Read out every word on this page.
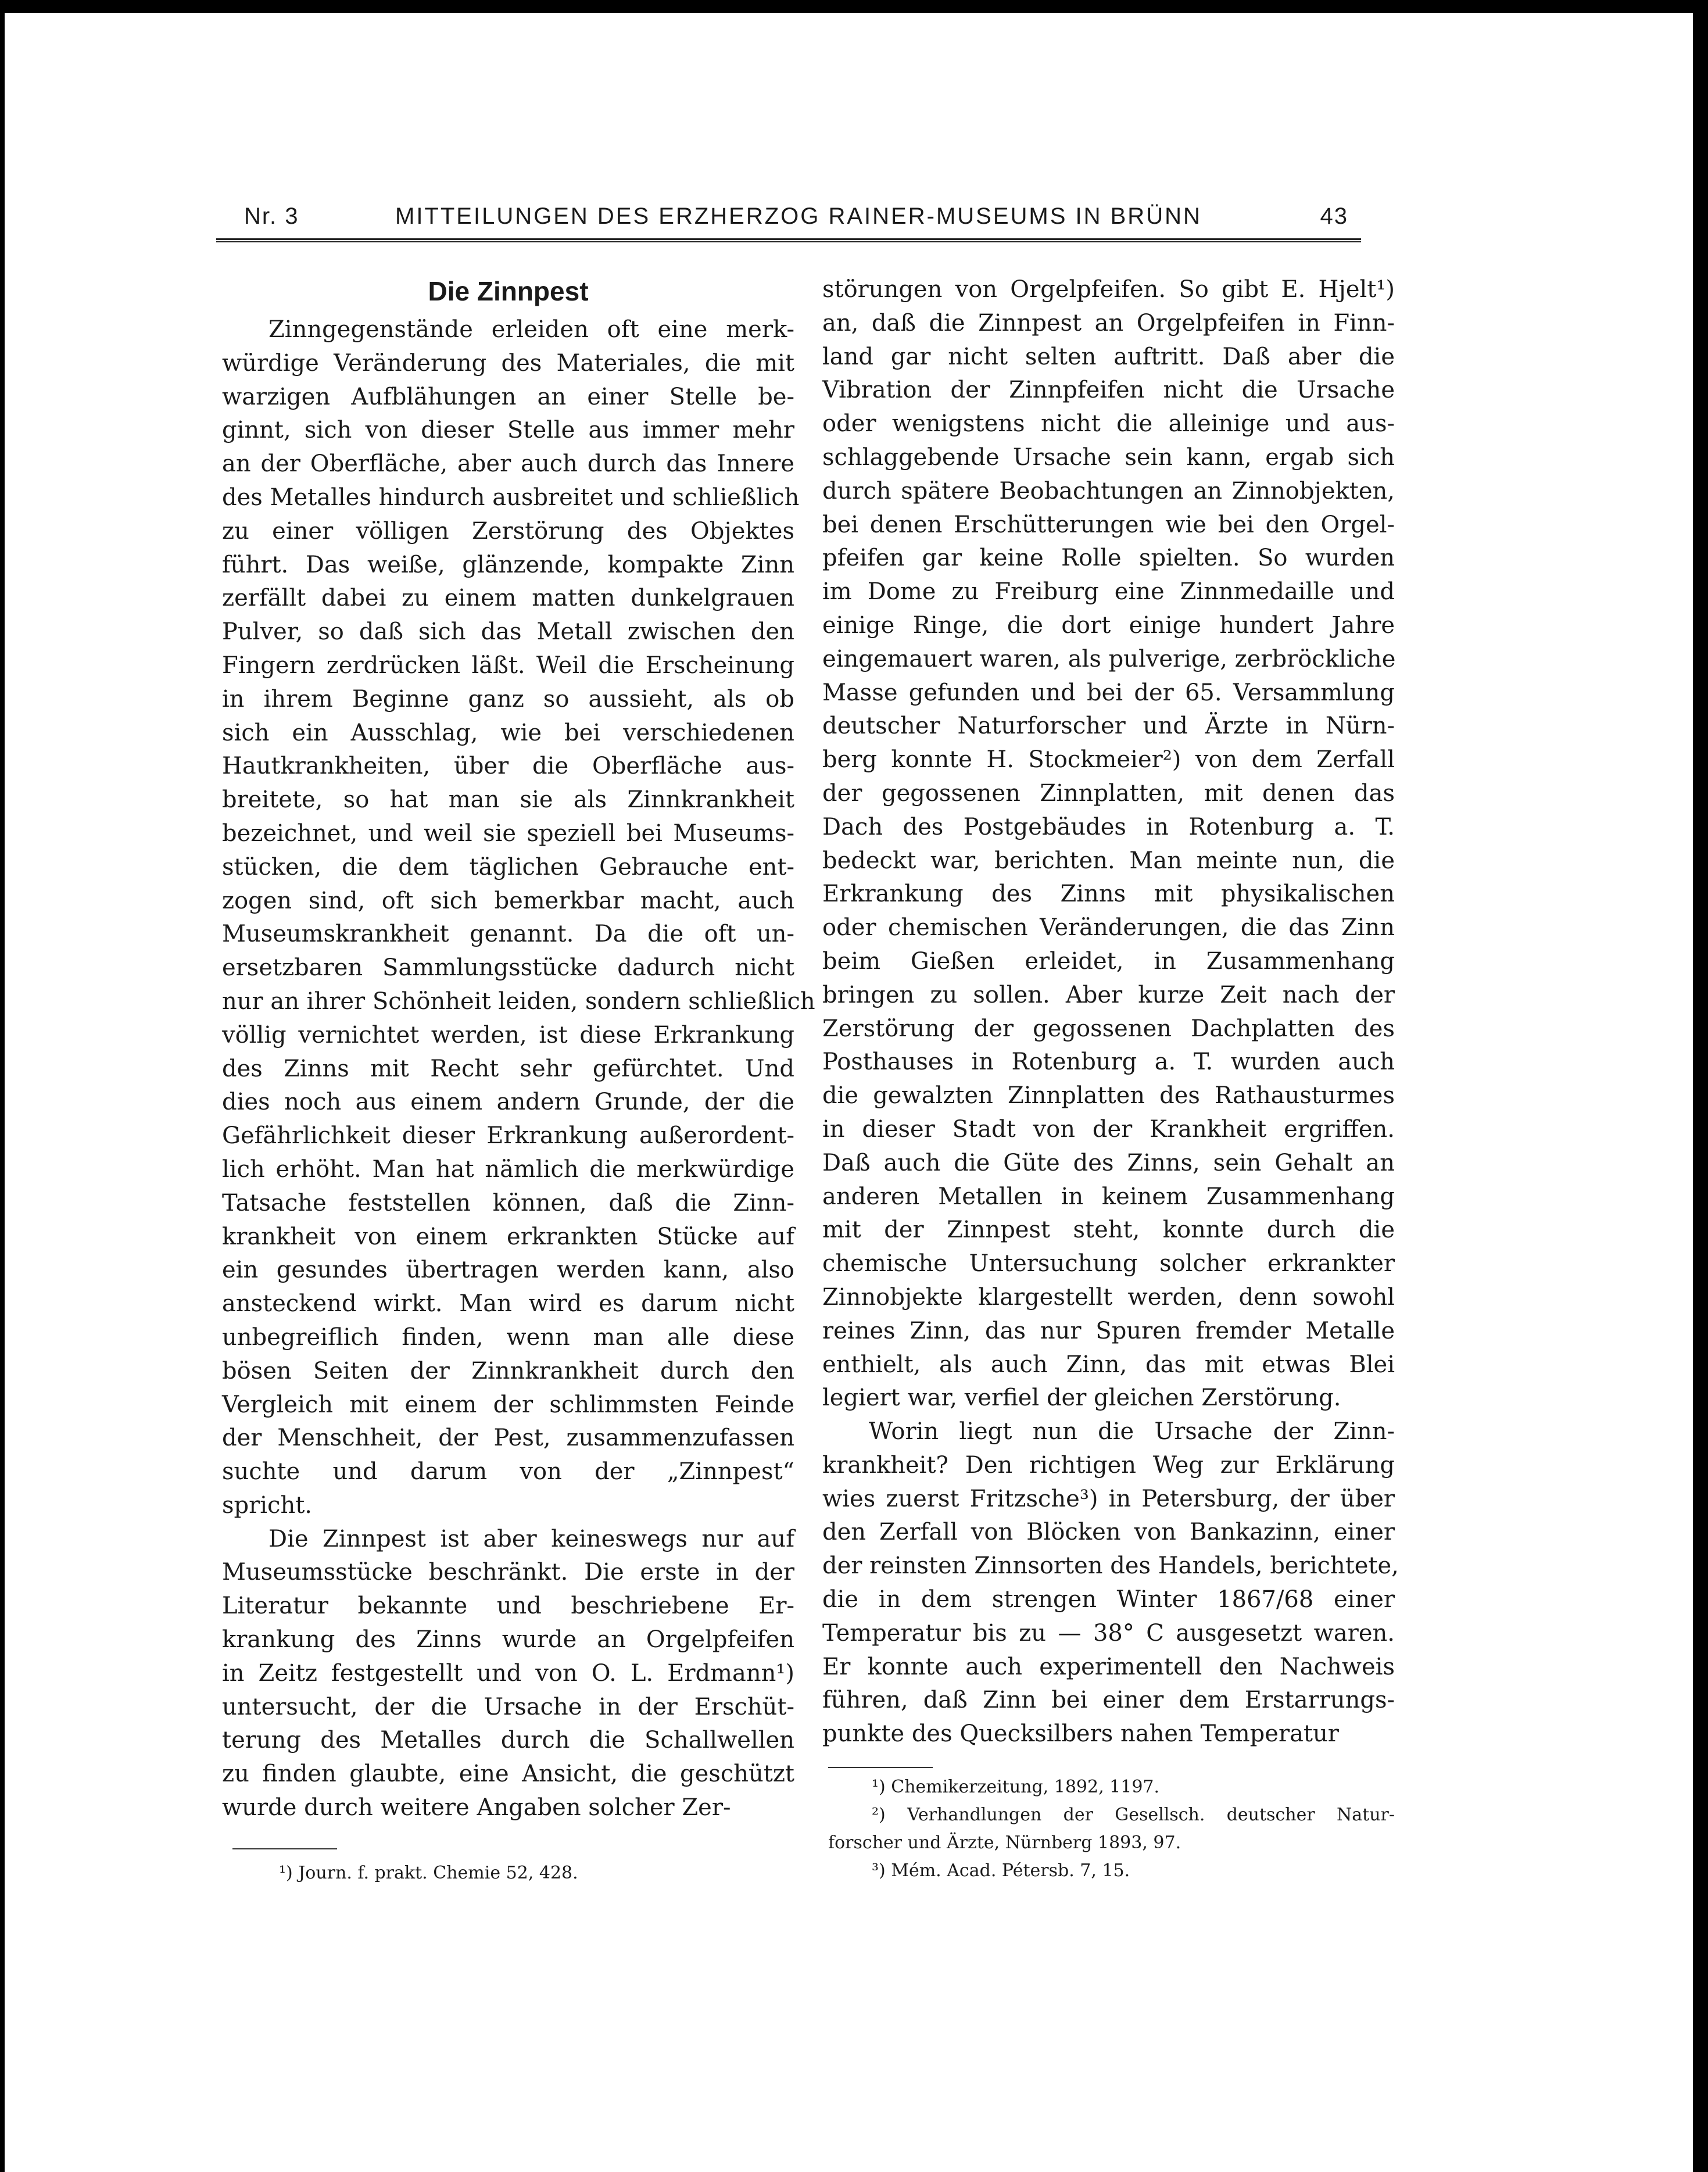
Nr. 3	MITTEILUNGEN DES ERZHERZOG RAINER-MUSEUMS IN BRÜNN	43
Die Zinnpest
Zinngegenstände erleiden oft eine merk-
würdige Veränderung des Materiales, die mit
warzigen Aufblähungen an einer Stelle be-
ginnt, sich von dieser Stelle aus immer mehr
an der Oberfläche, aber auch durch das Innere
des Metalles hindurch ausbreitet und schließlich
zu einer völligen Zerstörung des Objektes
führt. Das weiße, glänzende, kompakte Zinn
zerfällt dabei zu einem matten dunkelgrauen
Pulver, so daß sich das Metall zwischen den
Fingern zerdrücken läßt. Weil die Erscheinung
in ihrem Beginne ganz so aussieht, als ob
sich ein Ausschlag, wie bei verschiedenen
Hautkrankheiten, über die Oberfläche aus-
breitete, so hat man sie als Zinnkrankheit
bezeichnet, und weil sie speziell bei Museums-
stücken, die dem täglichen Gebrauche ent-
zogen sind, oft sich bemerkbar macht, auch
Museumskrankheit genannt. Da die oft un-
ersetzbaren Sammlungsstücke dadurch nicht
nur an ihrer Schönheit leiden, sondern schließlich
völlig vernichtet werden, ist diese Erkrankung
des Zinns mit Recht sehr gefürchtet. Und
dies noch aus einem andern Grunde, der die
Gefährlichkeit dieser Erkrankung außerordent-
lich erhöht. Man hat nämlich die merkwürdige
Tatsache feststellen können, daß die Zinn-
krankheit von einem erkrankten Stücke auf
ein gesundes übertragen werden kann, also
ansteckend wirkt. Man wird es darum nicht
unbegreiflich finden, wenn man alle diese
bösen Seiten der Zinnkrankheit durch den
Vergleich mit einem der schlimmsten Feinde
der Menschheit, der Pest, zusammenzufassen
suchte und darum von der „Zinnpest“
spricht.
Die Zinnpest ist aber keineswegs nur auf
Museumsstücke beschränkt. Die erste in der
Literatur bekannte und beschriebene Er-
krankung des Zinns wurde an Orgelpfeifen
in Zeitz festgestellt und von O. L. Erdmann¹)
untersucht, der die Ursache in der Erschüt-
terung des Metalles durch die Schallwellen
zu finden glaubte, eine Ansicht, die geschützt
wurde durch weitere Angaben solcher Zer-
störungen von Orgelpfeifen. So gibt E. Hjelt¹)
an, daß die Zinnpest an Orgelpfeifen in Finn-
land gar nicht selten auftritt. Daß aber die
Vibration der Zinnpfeifen nicht die Ursache
oder wenigstens nicht die alleinige und aus-
schlaggebende Ursache sein kann, ergab sich
durch spätere Beobachtungen an Zinnobjekten,
bei denen Erschütterungen wie bei den Orgel-
pfeifen gar keine Rolle spielten. So wurden
im Dome zu Freiburg eine Zinnmedaille und
einige Ringe, die dort einige hundert Jahre
eingemauert waren, als pulverige, zerbröckliche
Masse gefunden und bei der 65. Versammlung
deutscher Naturforscher und Ärzte in Nürn-
berg konnte H. Stockmeier²) von dem Zerfall
der gegossenen Zinnplatten, mit denen das
Dach des Postgebäudes in Rotenburg a. T.
bedeckt war, berichten. Man meinte nun, die
Erkrankung des Zinns mit physikalischen
oder chemischen Veränderungen, die das Zinn
beim Gießen erleidet, in Zusammenhang
bringen zu sollen. Aber kurze Zeit nach der
Zerstörung der gegossenen Dachplatten des
Posthauses in Rotenburg a. T. wurden auch
die gewalzten Zinnplatten des Rathausturmes
in dieser Stadt von der Krankheit ergriffen.
Daß auch die Güte des Zinns, sein Gehalt an
anderen Metallen in keinem Zusammenhang
mit der Zinnpest steht, konnte durch die
chemische Untersuchung solcher erkrankter
Zinnobjekte klargestellt werden, denn sowohl
reines Zinn, das nur Spuren fremder Metalle
enthielt, als auch Zinn, das mit etwas Blei
legiert war, verfiel der gleichen Zerstörung.
Worin liegt nun die Ursache der Zinn-
krankheit? Den richtigen Weg zur Erklärung
wies zuerst Fritzsche³) in Petersburg, der über
den Zerfall von Blöcken von Bankazinn, einer
der reinsten Zinnsorten des Handels, berichtete,
die in dem strengen Winter 1867/68 einer
Temperatur bis zu — 38° C ausgesetzt waren.
Er konnte auch experimentell den Nachweis
führen, daß Zinn bei einer dem Erstarrungs-
punkte des Quecksilbers nahen Temperatur
¹) Journ. f. prakt. Chemie 52, 428.
¹) Chemikerzeitung, 1892, 1197.
²) Verhandlungen der Gesellsch. deutscher Natur-
forscher und Ärzte, Nürnberg 1893, 97.
³) Mém. Acad. Pétersb. 7, 15.
